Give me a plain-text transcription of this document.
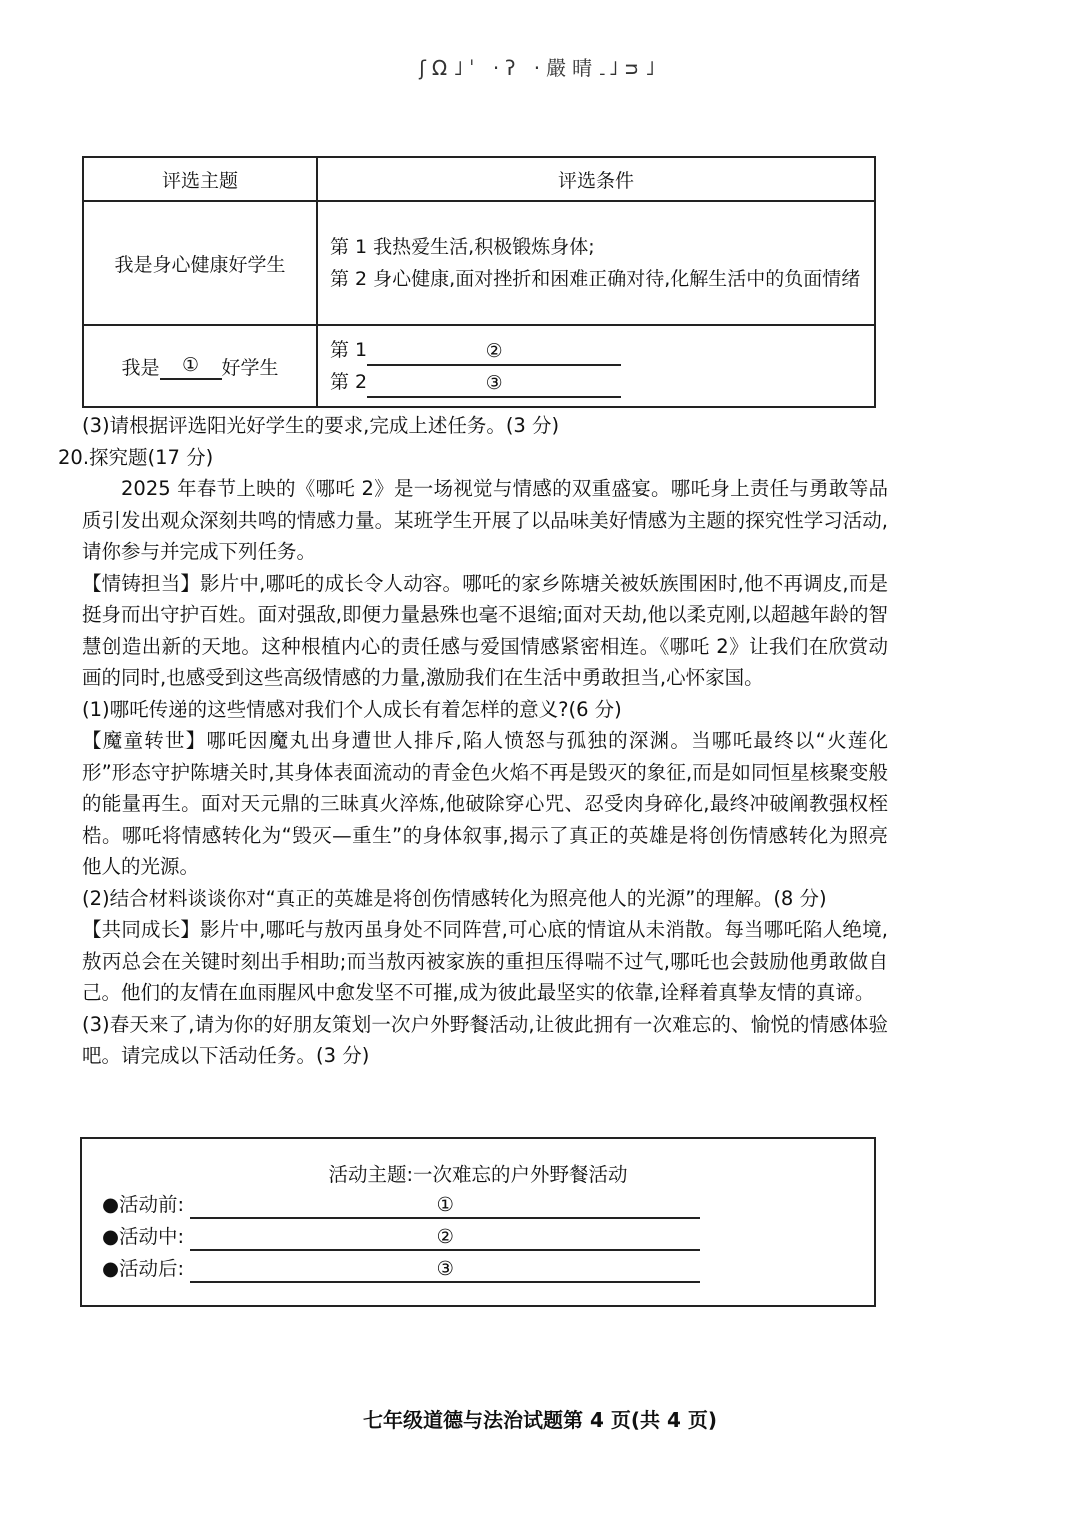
ʃΩ˩ˈ ·ʔ ·嚴晴˩˩ᴝ˩
评选主题	评选条件
我是身心健康好学生	第 1 我热爱生活,积极锻炼身体;
第 2 身心健康,面对挫折和困难正确对待,化解生活中的负面情绪

我是 ① 好学生	第 1 ②
第 2 ③

(3)请根据评选阳光好学生的要求,完成上述任务。(3 分)

20.探究题(17 分)

2025 年春节上映的《哪吒 2》是一场视觉与情感的双重盛宴。哪吒身上责任与勇敢等品质引发出观众深刻共鸣的情感力量。某班学生开展了以品味美好情感为主题的探究性学习活动,请你参与并完成下列任务。

【情铸担当】影片中,哪吒的成长令人动容。哪吒的家乡陈塘关被妖族围困时,他不再调皮,而是挺身而出守护百姓。面对强敌,即便力量悬殊也毫不退缩;面对天劫,他以柔克刚,以超越年龄的智慧创造出新的天地。这种根植内心的责任感与爱国情感紧密相连。《哪吒 2》让我们在欣赏动画的同时,也感受到这些高级情感的力量,激励我们在生活中勇敢担当,心怀家国。

(1)哪吒传递的这些情感对我们个人成长有着怎样的意义?(6 分)

【魔童转世】哪吒因魔丸出身遭世人排斥,陷人愤怒与孤独的深渊。当哪吒最终以“火莲化形”形态守护陈塘关时,其身体表面流动的青金色火焰不再是毁灭的象征,而是如同恒星核聚变般的能量再生。面对天元鼎的三昧真火淬炼,他破除穿心咒、忍受肉身碎化,最终冲破阐教强权桎梏。哪吒将情感转化为“毁灭—重生”的身体叙事,揭示了真正的英雄是将创伤情感转化为照亮他人的光源。

(2)结合材料谈谈你对“真正的英雄是将创伤情感转化为照亮他人的光源”的理解。(8 分)

【共同成长】影片中,哪吒与敖丙虽身处不同阵营,可心底的情谊从未消散。每当哪吒陷人绝境,敖丙总会在关键时刻出手相助;而当敖丙被家族的重担压得喘不过气,哪吒也会鼓励他勇敢做自己。他们的友情在血雨腥风中愈发坚不可摧,成为彼此最坚实的依靠,诠释着真挚友情的真谛。

(3)春天来了,请为你的好朋友策划一次户外野餐活动,让彼此拥有一次难忘的、愉悦的情感体验吧。请完成以下活动任务。(3 分)

活动主题:一次难忘的户外野餐活动
●活动前:	①
●活动中:	②
●活动后:	③
七年级道德与法治试题第 4 页(共 4 页)
